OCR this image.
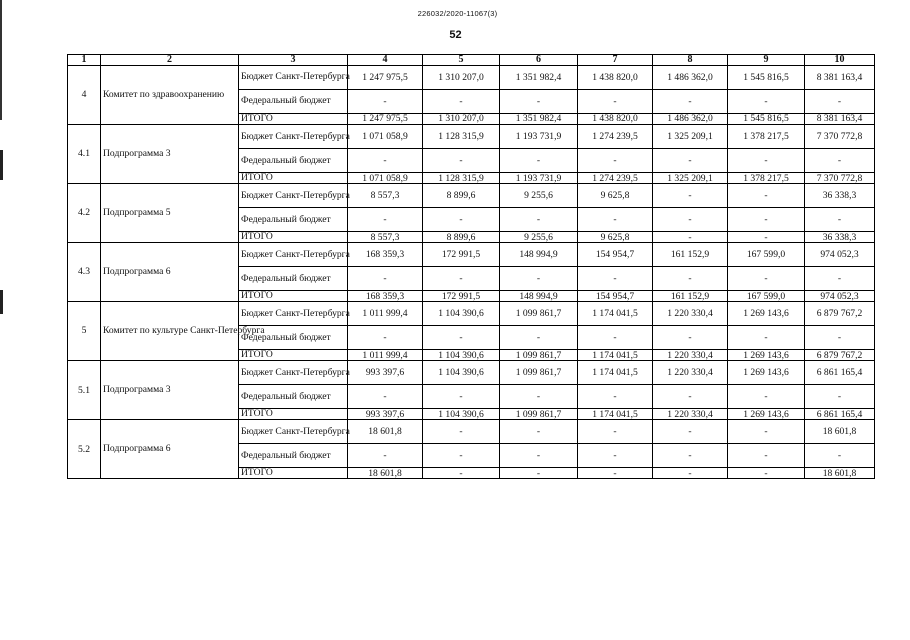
226032/2020-11067(3)
52
1	2	3	4	5	6	7	8	9	10
4	Комитет по здравоохранению	Бюджет Санкт-Петербурга	1 247 975,5	1 310 207,0	1 351 982,4	1 438 820,0	1 486 362,0	1 545 816,5	8 381 163,4
		Федеральный бюджет	-	-	-	-	-	-	-
		ИТОГО	1 247 975,5	1 310 207,0	1 351 982,4	1 438 820,0	1 486 362,0	1 545 816,5	8 381 163,4
4.1	Подпрограмма 3	Бюджет Санкт-Петербурга	1 071 058,9	1 128 315,9	1 193 731,9	1 274 239,5	1 325 209,1	1 378 217,5	7 370 772,8
		Федеральный бюджет	-	-	-	-	-	-	-
		ИТОГО	1 071 058,9	1 128 315,9	1 193 731,9	1 274 239,5	1 325 209,1	1 378 217,5	7 370 772,8
4.2	Подпрограмма 5	Бюджет Санкт-Петербурга	8 557,3	8 899,6	9 255,6	9 625,8	-	-	36 338,3
		Федеральный бюджет	-	-	-	-	-	-	-
		ИТОГО	8 557,3	8 899,6	9 255,6	9 625,8	-	-	36 338,3
4.3	Подпрограмма 6	Бюджет Санкт-Петербурга	168 359,3	172 991,5	148 994,9	154 954,7	161 152,9	167 599,0	974 052,3
		Федеральный бюджет	-	-	-	-	-	-	-
		ИТОГО	168 359,3	172 991,5	148 994,9	154 954,7	161 152,9	167 599,0	974 052,3
5	Комитет по культуре Санкт-Петербурга	Бюджет Санкт-Петербурга	1 011 999,4	1 104 390,6	1 099 861,7	1 174 041,5	1 220 330,4	1 269 143,6	6 879 767,2
		Федеральный бюджет	-	-	-	-	-	-	-
		ИТОГО	1 011 999,4	1 104 390,6	1 099 861,7	1 174 041,5	1 220 330,4	1 269 143,6	6 879 767,2
5.1	Подпрограмма 3	Бюджет Санкт-Петербурга	993 397,6	1 104 390,6	1 099 861,7	1 174 041,5	1 220 330,4	1 269 143,6	6 861 165,4
		Федеральный бюджет	-	-	-	-	-	-	-
		ИТОГО	993 397,6	1 104 390,6	1 099 861,7	1 174 041,5	1 220 330,4	1 269 143,6	6 861 165,4
5.2	Подпрограмма 6	Бюджет Санкт-Петербурга	18 601,8	-	-	-	-	-	18 601,8
		Федеральный бюджет	-	-	-	-	-	-	-
		ИТОГО	18 601,8	-	-	-	-	-	18 601,8
